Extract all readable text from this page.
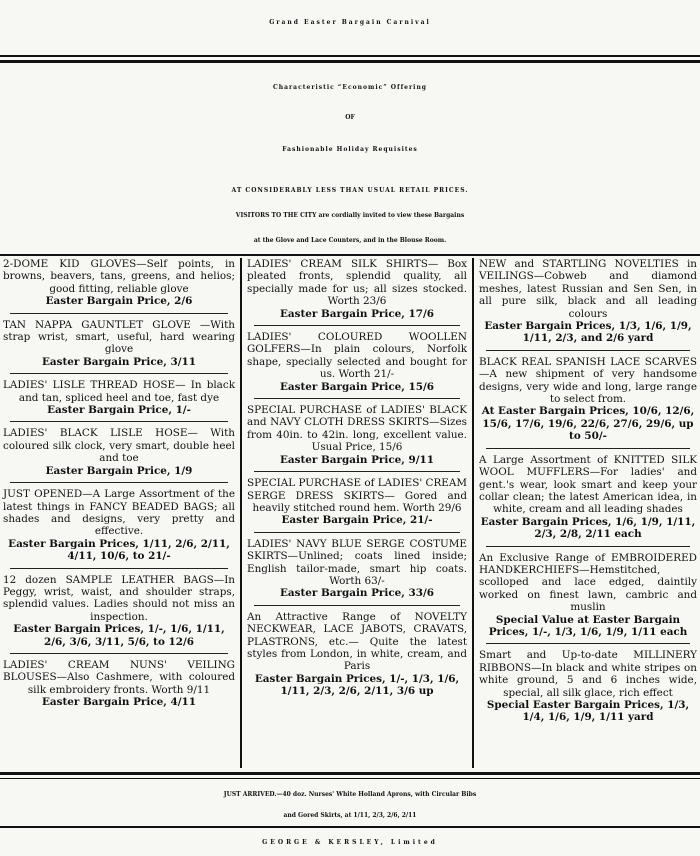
Grand Easter Bargain Carnival
Characteristic “Economic” Offering
OF
Fashionable Holiday Requisites
AT CONSIDERABLY LESS THAN USUAL RETAIL PRICES.
VISITORS TO THE CITY are cordially invited to view these Bargains
at the Glove and Lace Counters, and in the Blouse Room.
2-DOME KID GLOVES—Self points, in browns, beavers, tans, greens, and helios; good fitting, reliable glove
Easter Bargain Price, 2/6
TAN NAPPA GAUNTLET GLOVE —With strap wrist, smart, useful, hard wearing glove
Easter Bargain Price, 3/11
LADIES' LISLE THREAD HOSE— In black and tan, spliced heel and toe, fast dye
Easter Bargain Price, 1/-
LADIES' BLACK LISLE HOSE— With coloured silk clock, very smart, double heel and toe
Easter Bargain Price, 1/9
JUST OPENED—A Large Assortment of the latest things in FANCY BEADED BAGS; all shades and designs, very pretty and effective.
Easter Bargain Prices, 1/11, 2/6, 2/11, 4/11, 10/6, to 21/-
12 dozen SAMPLE LEATHER BAGS—In Peggy, wrist, waist, and shoulder straps, splendid values. Ladies should not miss an inspection.
Easter Bargain Prices, 1/-, 1/6, 1/11, 2/6, 3/6, 3/11, 5/6, to 12/6
LADIES' CREAM NUNS' VEILING BLOUSES—Also Cashmere, with coloured silk embroidery fronts. Worth 9/11
Easter Bargain Price, 4/11
LADIES' CREAM SILK SHIRTS— Box pleated fronts, splendid quality, all specially made for us; all sizes stocked. Worth 23/6
Easter Bargain Price, 17/6
LADIES' COLOURED WOOLLEN GOLFERS—In plain colours, Norfolk shape, specially selected and bought for us. Worth 21/-
Easter Bargain Price, 15/6
SPECIAL PURCHASE of LADIES' BLACK and NAVY CLOTH DRESS SKIRTS—Sizes from 40in. to 42in. long, excellent value. Usual Price, 15/6
Easter Bargain Price, 9/11
SPECIAL PURCHASE of LADIES' CREAM SERGE DRESS SKIRTS— Gored and heavily stitched round hem. Worth 29/6
Easter Bargain Price, 21/-
LADIES' NAVY BLUE SERGE COSTUME SKIRTS—Unlined; coats lined inside; English tailor-made, smart hip coats. Worth 63/-
Easter Bargain Price, 33/6
An Attractive Range of NOVELTY NECKWEAR, LACE JABOTS, CRAVATS, PLASTRONS, etc.— Quite the latest styles from London, in white, cream, and Paris
Easter Bargain Prices, 1/-, 1/3, 1/6, 1/11, 2/3, 2/6, 2/11, 3/6 up
NEW and STARTLING NOVELTIES in VEILINGS—Cobweb and diamond meshes, latest Russian and Sen Sen, in all pure silk, black and all leading colours
Easter Bargain Prices, 1/3, 1/6, 1/9, 1/11, 2/3, and 2/6 yard
BLACK REAL SPANISH LACE SCARVES—A new shipment of very handsome designs, very wide and long, large range to select from.
At Easter Bargain Prices, 10/6, 12/6, 15/6, 17/6, 19/6, 22/6, 27/6, 29/6, up to 50/-
A Large Assortment of KNITTED SILK WOOL MUFFLERS—For ladies' and gent.'s wear, look smart and keep your collar clean; the latest American idea, in white, cream and all leading shades
Easter Bargain Prices, 1/6, 1/9, 1/11, 2/3, 2/8, 2/11 each
An Exclusive Range of EMBROIDERED HANDKERCHIEFS—Hemstitched, scolloped and lace edged, daintily worked on finest lawn, cambric and muslin
Special Value at Easter Bargain Prices, 1/-, 1/3, 1/6, 1/9, 1/11 each
Smart and Up-to-date MILLINERY RIBBONS—In black and white stripes on white ground, 5 and 6 inches wide, special, all silk glace, rich effect
Special Easter Bargain Prices, 1/3, 1/4, 1/6, 1/9, 1/11 yard
JUST ARRIVED.—40 doz. Nurses' White Holland Aprons, with Circular Bibs
and Gored Skirts, at 1/11, 2/3, 2/6, 2/11
GEORGE & KERSLEY, Limited
